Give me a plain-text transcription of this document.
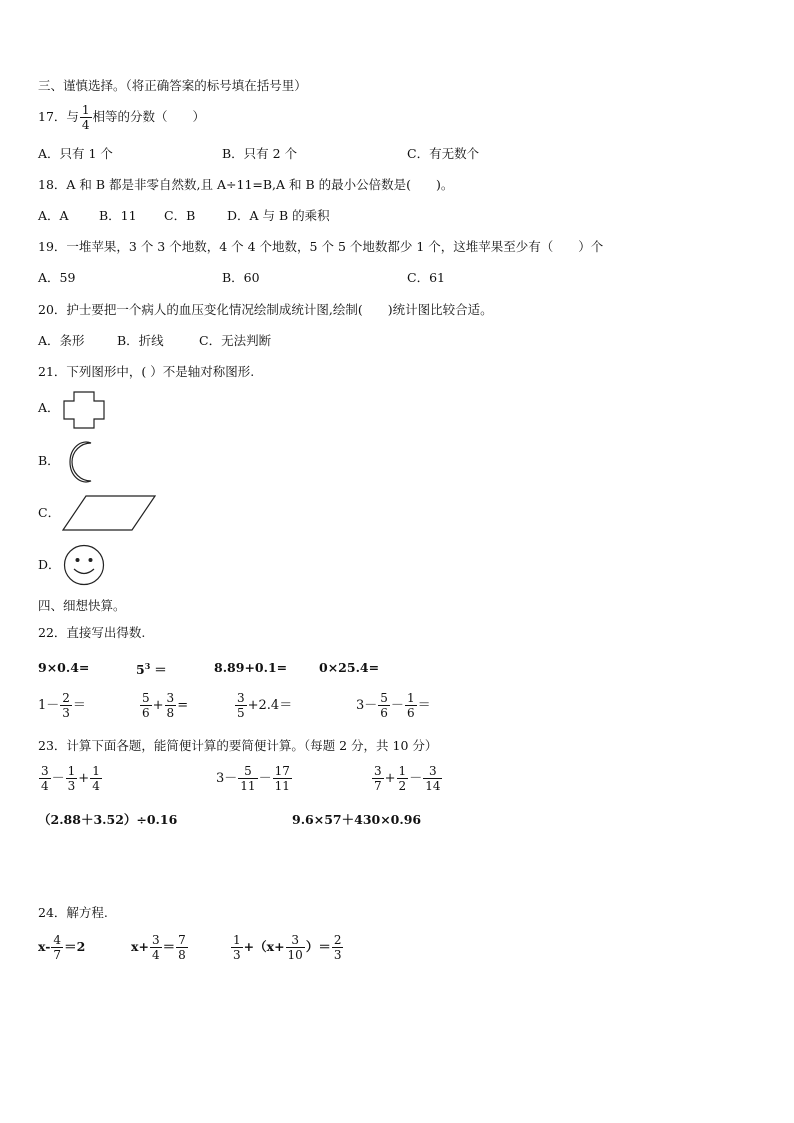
三、谨慎选择。（将正确答案的标号填在括号里）
17．与 $\frac{1}{4}$ 相等的分数（　　）
A．只有 1 个	B．只有 2 个	C．有无数个
18．A 和 B 都是非零自然数,且 A÷11=B,A 和 B 的最小公倍数是(　　)。
A．A B．11 C．B	D．A 与 B 的乘积
19．一堆苹果，3 个 3 个地数，4 个 4 个地数，5 个 5 个地数都少 1 个，这堆苹果至少有（　　）个
A．59	B．60	C．61
20．护士要把一个病人的血压变化情况绘制成统计图,绘制(　　)统计图比较合适。
A．条形	B．折线	C．无法判断
21．下列图形中，( ）不是轴对称图形.
A．
B．
C．
D．
四、细想快算。
22．直接写出得数.
9×0.4=	$5^3$ ＝	8.89+0.1=	0×25.4=
$1- \frac{2}{3}$ ＝	$\frac{5}{6} + \frac{3}{8}$ =	$\frac{3}{5} +2.4=$	$3- \frac{5}{6} - \frac{1}{6}$ ＝
23．计算下面各题，能简便计算的要简便计算。（每题 2 分，共 10 分）
$\frac{3}{4} - \frac{1}{3} + \frac{1}{4}$	$3- \frac{5}{11} - \frac{17}{11}$	$\frac{3}{7} + \frac{1}{2} - \frac{3}{14}$
（2.88＋3.52）÷0.16	9.6×57＋430×0.96
24．解方程.
$x- \frac{4}{7} =2$	$x+ \frac{3}{4} = \frac{7}{8}$	$\frac{1}{3} +(x+ \frac{3}{10}$ ）＝ $\frac{2}{3}$
